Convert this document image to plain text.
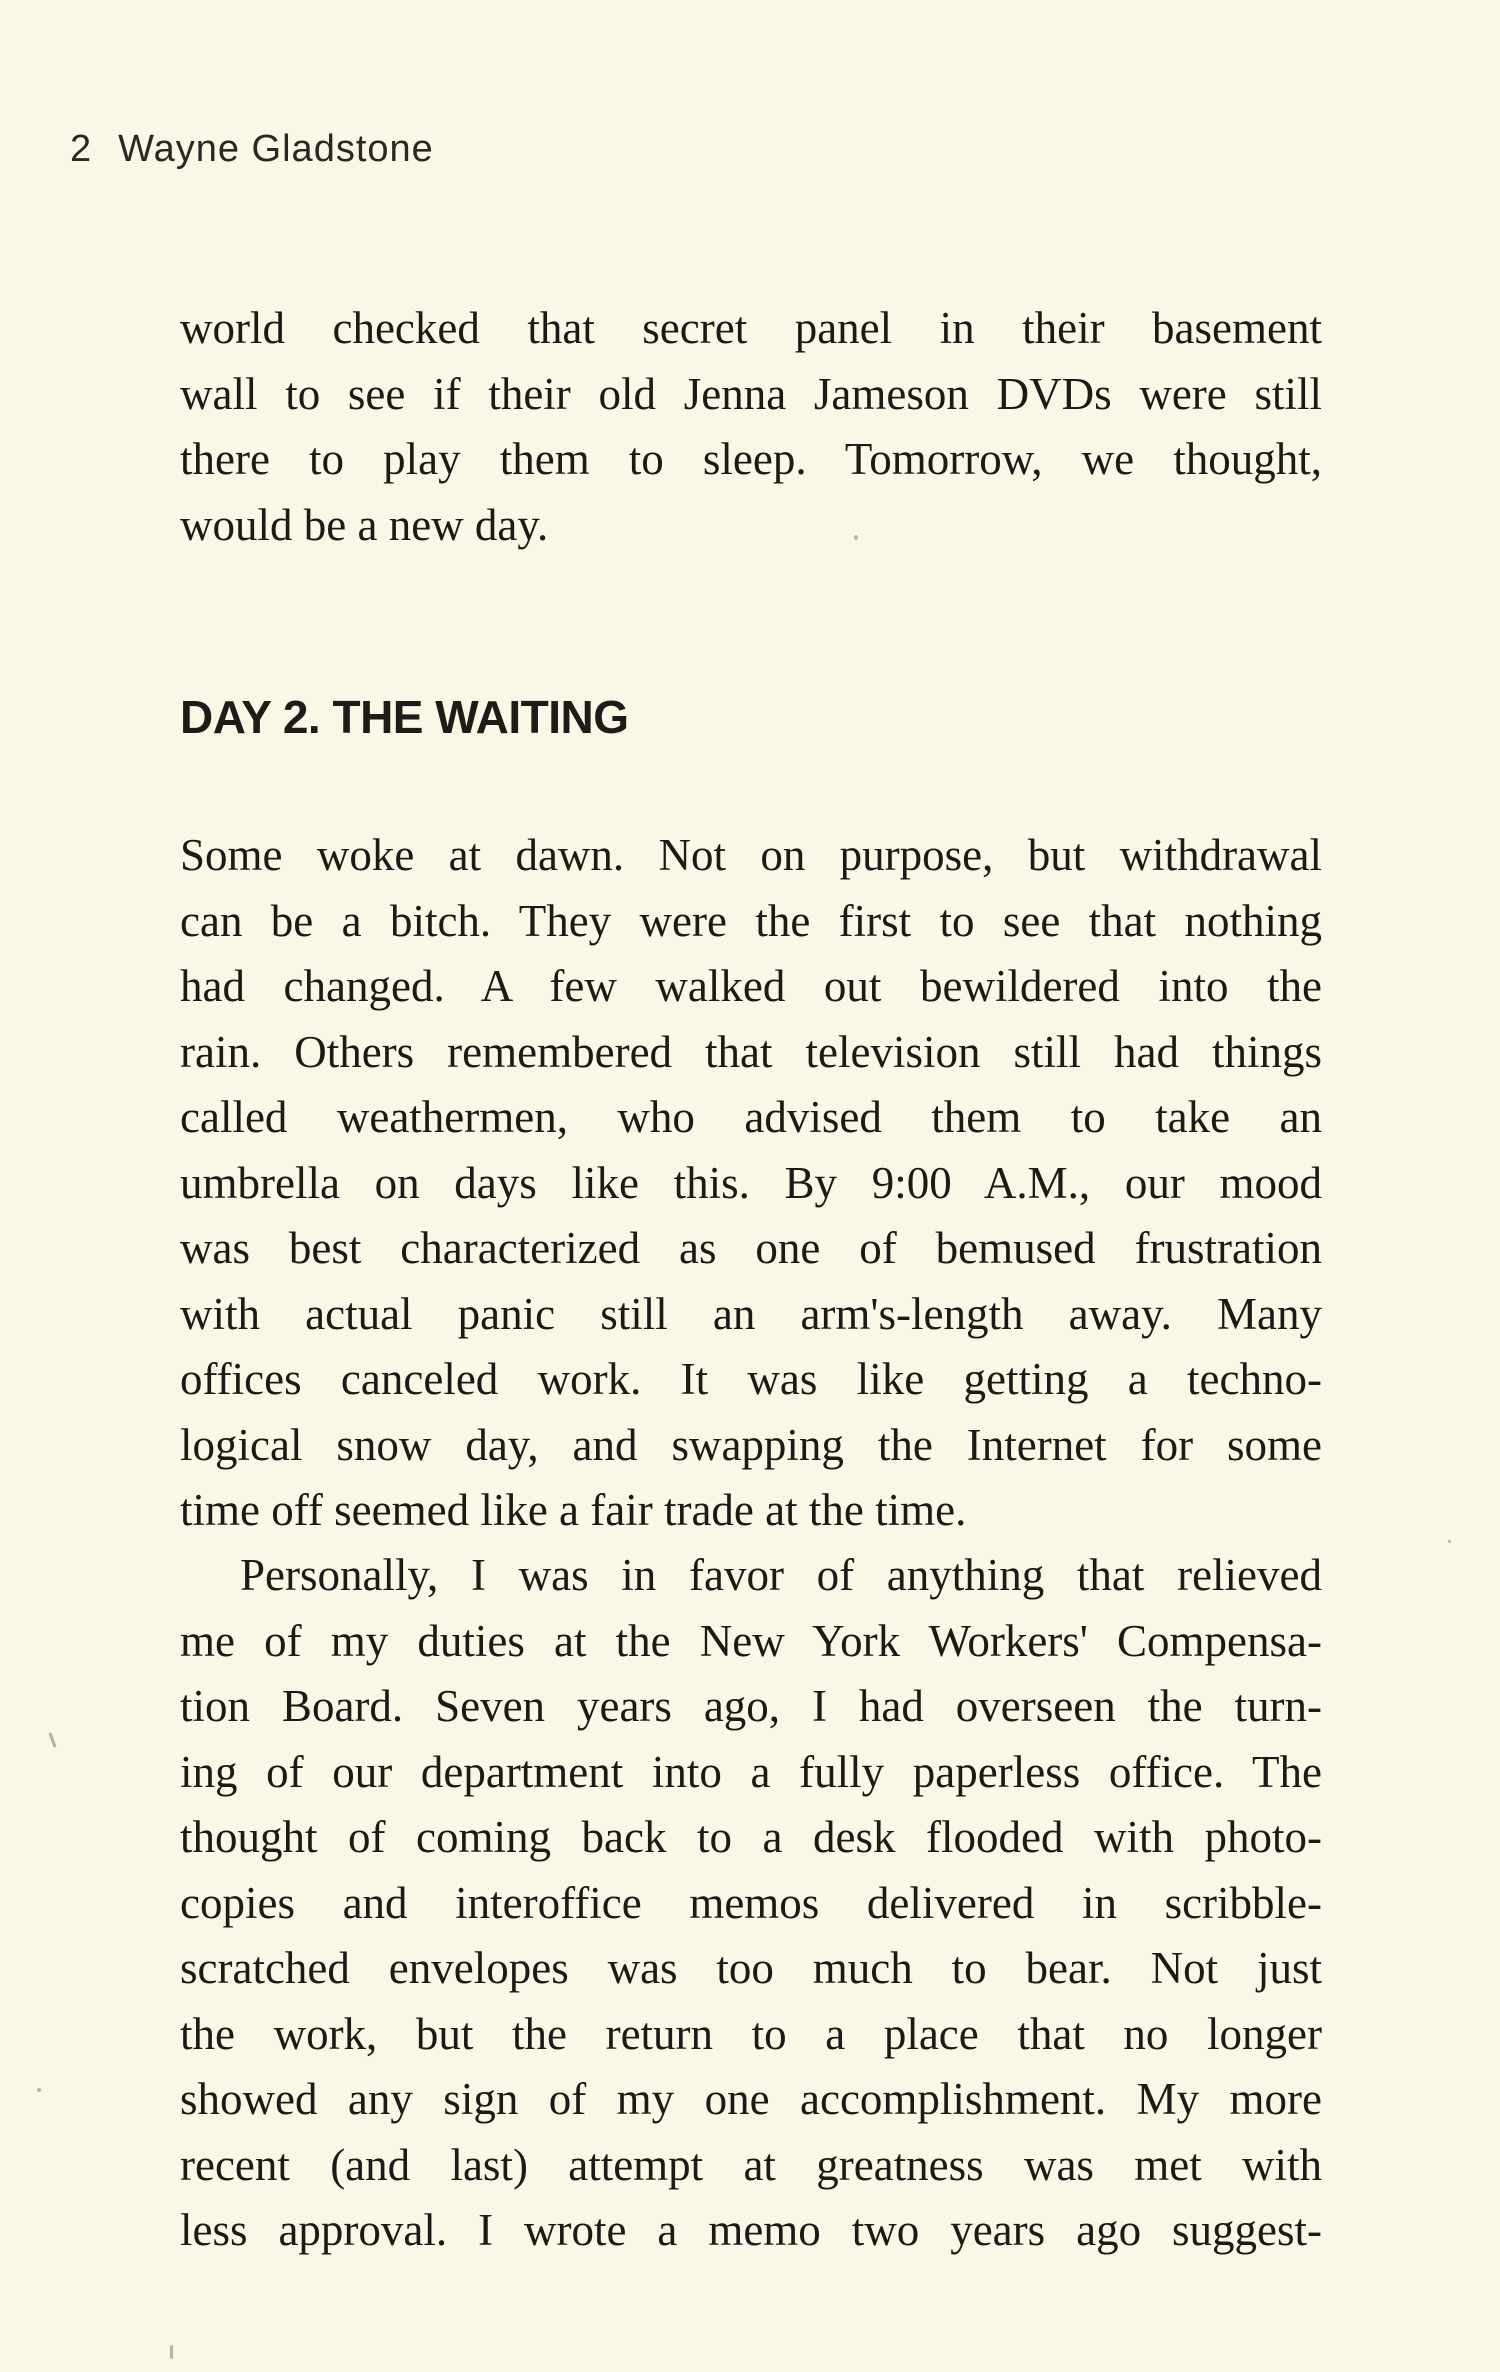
2 Wayne Gladstone
world checked that secret panel in their basement
wall to see if their old Jenna Jameson DVDs were still
there to play them to sleep. Tomorrow, we thought,
would be a new day.
DAY 2. THE WAITING
Some woke at dawn. Not on purpose, but withdrawal
can be a bitch. They were the first to see that nothing
had changed. A few walked out bewildered into the
rain. Others remembered that television still had things
called weathermen, who advised them to take an
umbrella on days like this. By 9:00 A.M., our mood
was best characterized as one of bemused frustration
with actual panic still an arm's-length away. Many
offices canceled work. It was like getting a techno-
logical snow day, and swapping the Internet for some
time off seemed like a fair trade at the time.
Personally, I was in favor of anything that relieved
me of my duties at the New York Workers' Compensa-
tion Board. Seven years ago, I had overseen the turn-
ing of our department into a fully paperless office. The
thought of coming back to a desk flooded with photo-
copies and interoffice memos delivered in scribble-
scratched envelopes was too much to bear. Not just
the work, but the return to a place that no longer
showed any sign of my one accomplishment. My more
recent (and last) attempt at greatness was met with
less approval. I wrote a memo two years ago suggest-
